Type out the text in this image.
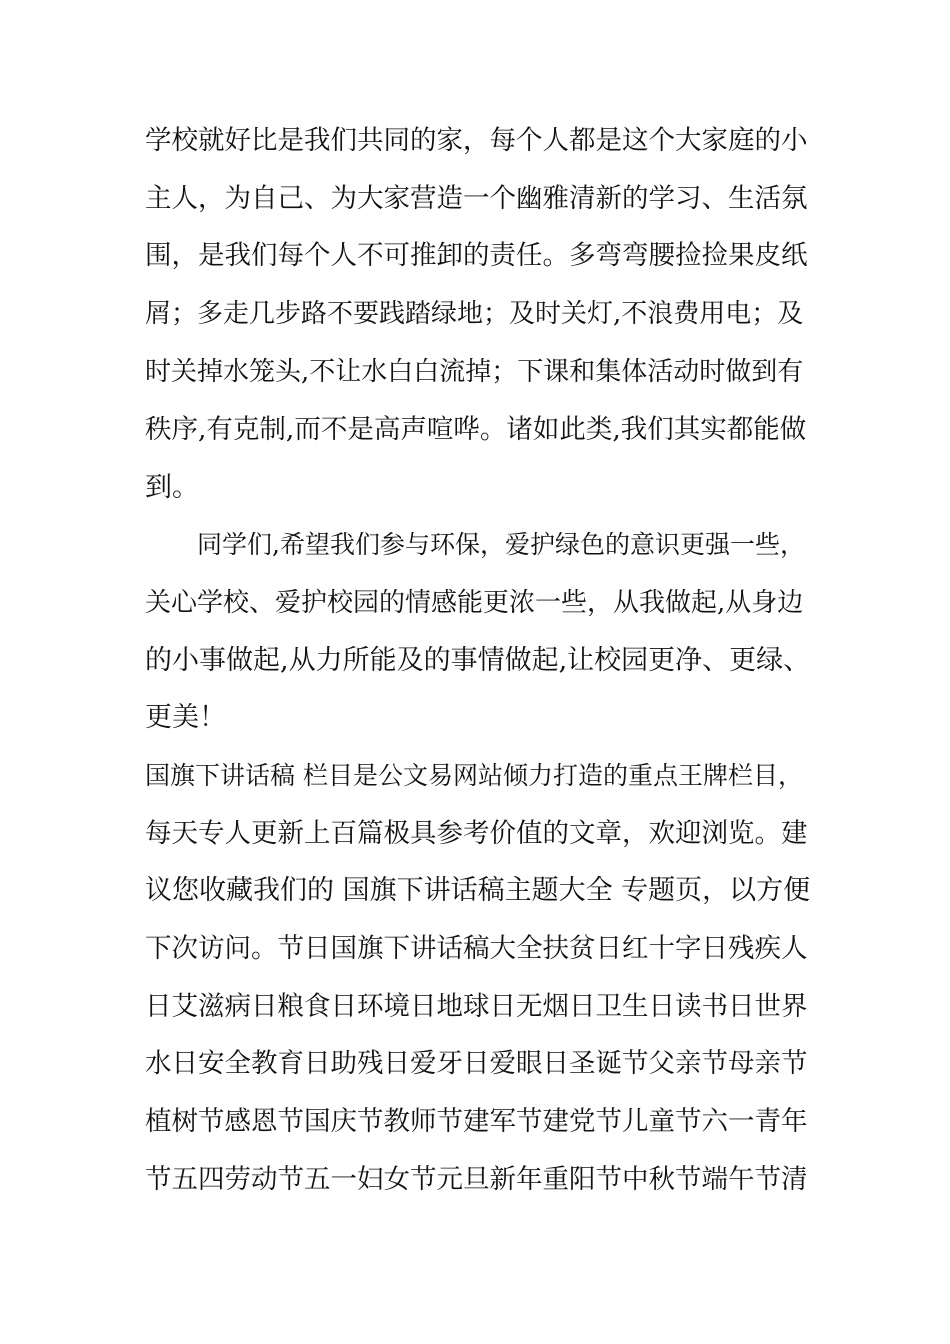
学校就好比是我们共同的家，每个人都是这个大家庭的小
主人，为自己、为大家营造一个幽雅清新的学习、生活氛
围，是我们每个人不可推卸的责任。多弯弯腰捡捡果皮纸
屑；多走几步路不要践踏绿地；及时关灯,不浪费用电；及
时关掉水笼头,不让水白白流掉；下课和集体活动时做到有
秩序,有克制,而不是高声喧哗。诸如此类,我们其实都能做
到。
同学们,希望我们参与环保，爱护绿色的意识更强一些，
关心学校、爱护校园的情感能更浓一些，从我做起,从身边
的小事做起,从力所能及的事情做起,让校园更净、更绿、
更美！
国旗下讲话稿 栏目是公文易网站倾力打造的重点王牌栏目，
每天专人更新上百篇极具参考价值的文章，欢迎浏览。建
议您收藏我们的 国旗下讲话稿主题大全 专题页，以方便
下次访问。节日国旗下讲话稿大全扶贫日红十字日残疾人
日艾滋病日粮食日环境日地球日无烟日卫生日读书日世界
水日安全教育日助残日爱牙日爱眼日圣诞节父亲节母亲节
植树节感恩节国庆节教师节建军节建党节儿童节六一青年
节五四劳动节五一妇女节元旦新年重阳节中秋节端午节清
